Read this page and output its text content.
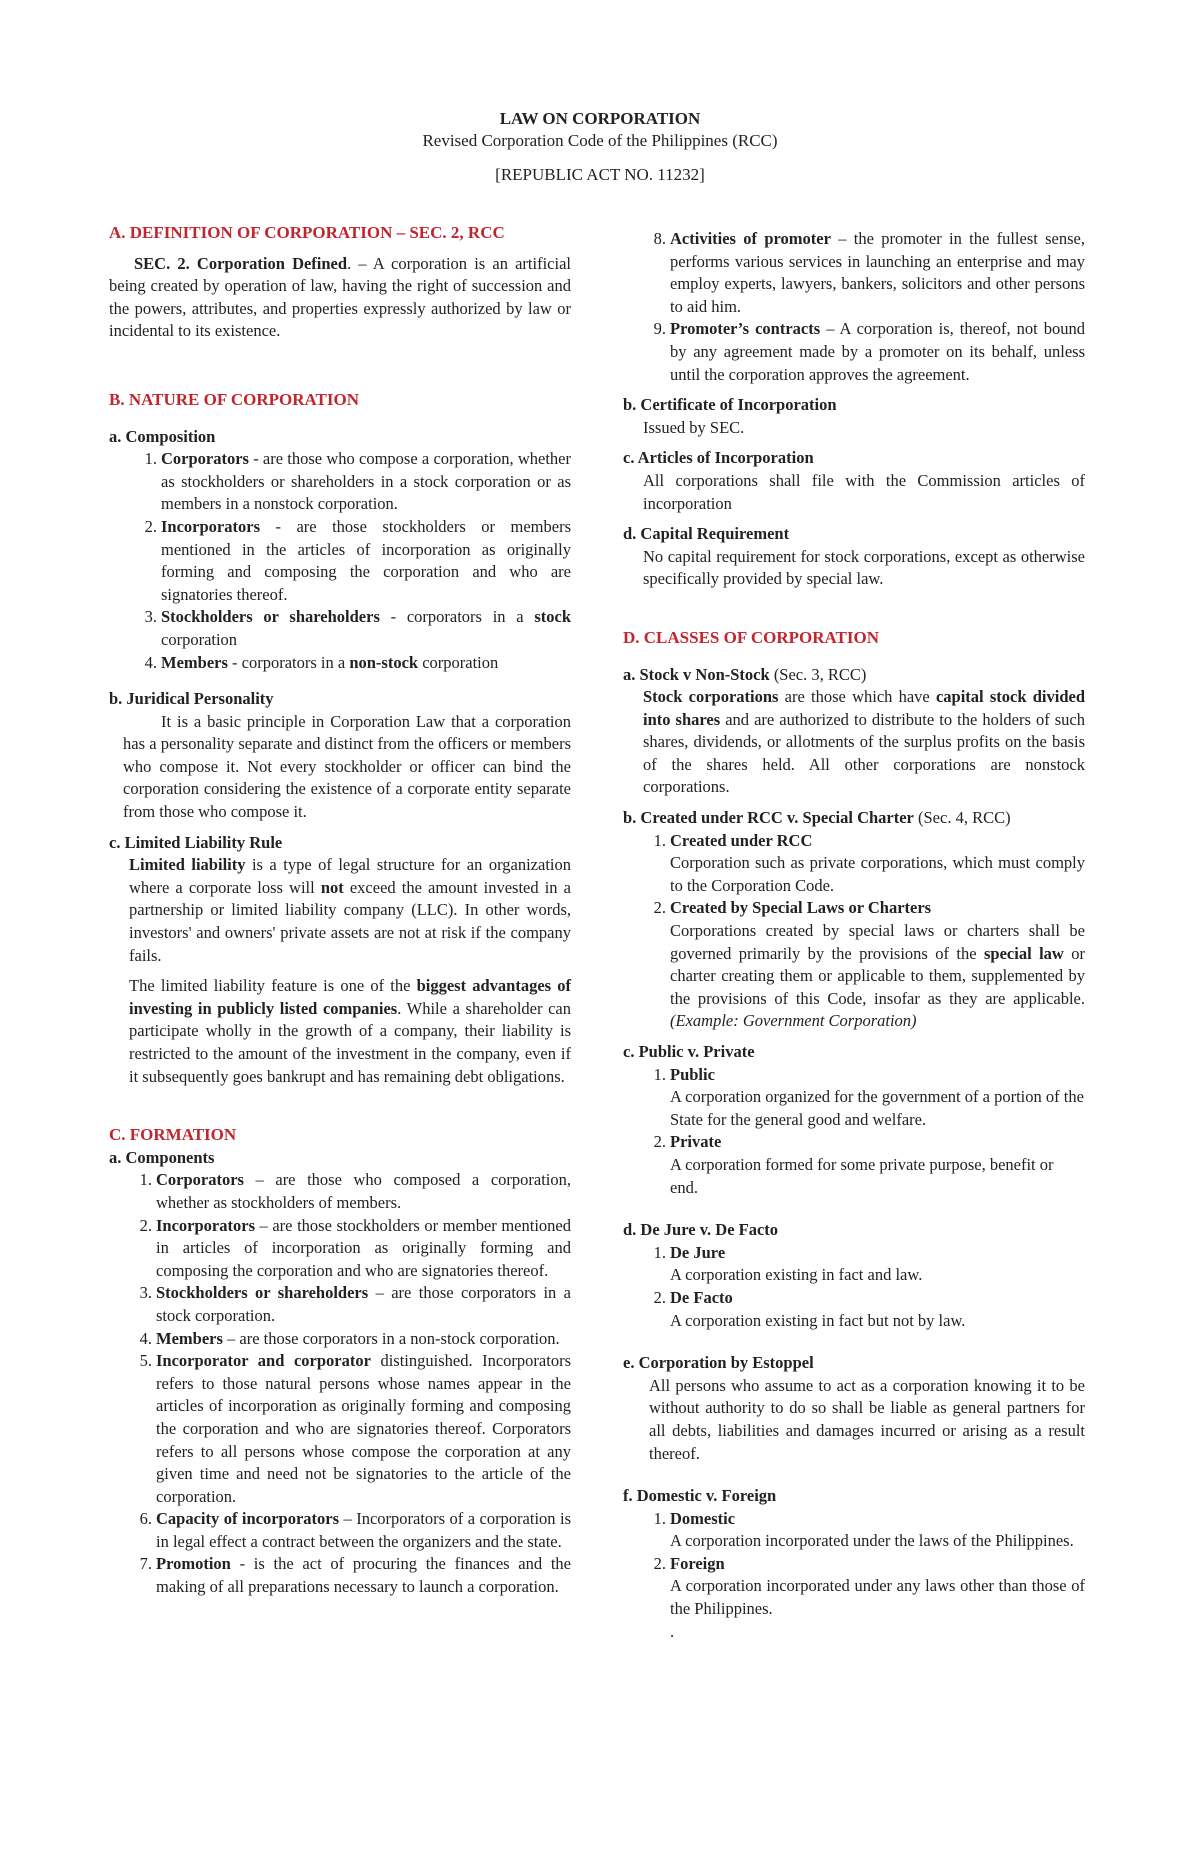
LAW ON CORPORATION
Revised Corporation Code of the Philippines (RCC)
[REPUBLIC ACT NO. 11232]

A. DEFINITION OF CORPORATION – SEC. 2, RCC

SEC. 2. Corporation Defined. – A corporation is an artificial being created by operation of law, having the right of succession and the powers, attributes, and properties expressly authorized by law or incidental to its existence.

B. NATURE OF CORPORATION

a. Composition

1. Corporators - are those who compose a corporation, whether as stockholders or shareholders in a stock corporation or as members in a nonstock corporation.
2. Incorporators - are those stockholders or members mentioned in the articles of incorporation as originally forming and composing the corporation and who are signatories thereof.
3. Stockholders or shareholders - corporators in a stock corporation
4. Members - corporators in a non-stock corporation

b. Juridical Personality

It is a basic principle in Corporation Law that a corporation has a personality separate and distinct from the officers or members who compose it. Not every stockholder or officer can bind the corporation considering the existence of a corporate entity separate from those who compose it.

c. Limited Liability Rule

Limited liability is a type of legal structure for an organization where a corporate loss will not exceed the amount invested in a partnership or limited liability company (LLC). In other words, investors' and owners' private assets are not at risk if the company fails.

The limited liability feature is one of the biggest advantages of investing in publicly listed companies. While a shareholder can participate wholly in the growth of a company, their liability is restricted to the amount of the investment in the company, even if it subsequently goes bankrupt and has remaining debt obligations.

C. FORMATION

a. Components

1. Corporators – are those who composed a corporation, whether as stockholders of members.
2. Incorporators – are those stockholders or member mentioned in articles of incorporation as originally forming and composing the corporation and who are signatories thereof.
3. Stockholders or shareholders – are those corporators in a stock corporation.
4. Members – are those corporators in a non-stock corporation.
5. Incorporator and corporator distinguished. Incorporators refers to those natural persons whose names appear in the articles of incorporation as originally forming and composing the corporation and who are signatories thereof. Corporators refers to all persons whose compose the corporation at any given time and need not be signatories to the article of the corporation.
6. Capacity of incorporators – Incorporators of a corporation is in legal effect a contract between the organizers and the state.
7. Promotion - is the act of procuring the finances and the making of all preparations necessary to launch a corporation.
8. Activities of promoter – the promoter in the fullest sense, performs various services in launching an enterprise and may employ experts, lawyers, bankers, solicitors and other persons to aid him.
9. Promoter’s contracts – A corporation is, thereof, not bound by any agreement made by a promoter on its behalf, unless until the corporation approves the agreement.

b. Certificate of Incorporation

Issued by SEC.

c. Articles of Incorporation

All corporations shall file with the Commission articles of incorporation

d. Capital Requirement

No capital requirement for stock corporations, except as otherwise specifically provided by special law.

D. CLASSES OF CORPORATION

a. Stock v Non-Stock (Sec. 3, RCC)

Stock corporations are those which have capital stock divided into shares and are authorized to distribute to the holders of such shares, dividends, or allotments of the surplus profits on the basis of the shares held. All other corporations are nonstock corporations.

b. Created under RCC v. Special Charter (Sec. 4, RCC)

1. Created under RCC
Corporation such as private corporations, which must comply to the Corporation Code.
2. Created by Special Laws or Charters
Corporations created by special laws or charters shall be governed primarily by the provisions of the special law or charter creating them or applicable to them, supplemented by the provisions of this Code, insofar as they are applicable. (Example: Government Corporation)

c. Public v. Private

1. Public
A corporation organized for the government of a portion of the State for the general good and welfare.
2. Private
A corporation formed for some private purpose, benefit or end.

d. De Jure v. De Facto

1. De Jure
A corporation existing in fact and law.
2. De Facto
A corporation existing in fact but not by law.

e. Corporation by Estoppel

All persons who assume to act as a corporation knowing it to be without authority to do so shall be liable as general partners for all debts, liabilities and damages incurred or arising as a result thereof.

f. Domestic v. Foreign

1. Domestic
A corporation incorporated under the laws of the Philippines.
2. Foreign
A corporation incorporated under any laws other than those of the Philippines.
.
